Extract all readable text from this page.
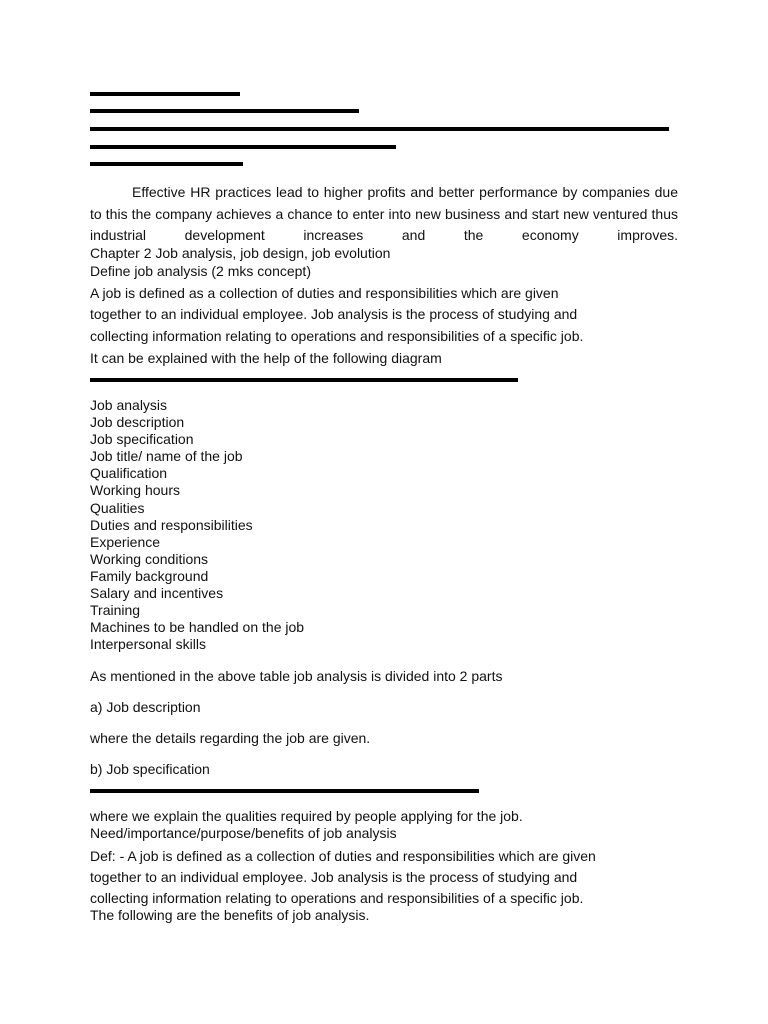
Effective HR practices lead to higher profits and better performance by companies due to this the company achieves a chance to enter into new business and start new ventured thus industrial development increases and the economy improves.
Chapter 2 Job analysis, job design, job evolution
Define job analysis (2 mks concept)
A job is defined as a collection of duties and responsibilities which are given
together to an individual employee. Job analysis is the process of studying and
collecting information relating to operations and responsibilities of a specific job.
It can be explained with the help of the following diagram
Job analysis
Job description
Job specification
Job title/ name of the job
Qualification
Working hours
Qualities
Duties and responsibilities
Experience
Working conditions
Family background
Salary and incentives
Training
Machines to be handled on the job
Interpersonal skills
As mentioned in the above table job analysis is divided into 2 parts
a) Job description
where the details regarding the job are given.
b) Job specification
where we explain the qualities required by people applying for the job.
Need/importance/purpose/benefits of job analysis
Def: - A job is defined as a collection of duties and responsibilities which are given
together to an individual employee. Job analysis is the process of studying and
collecting information relating to operations and responsibilities of a specific job.
The following are the benefits of job analysis.
